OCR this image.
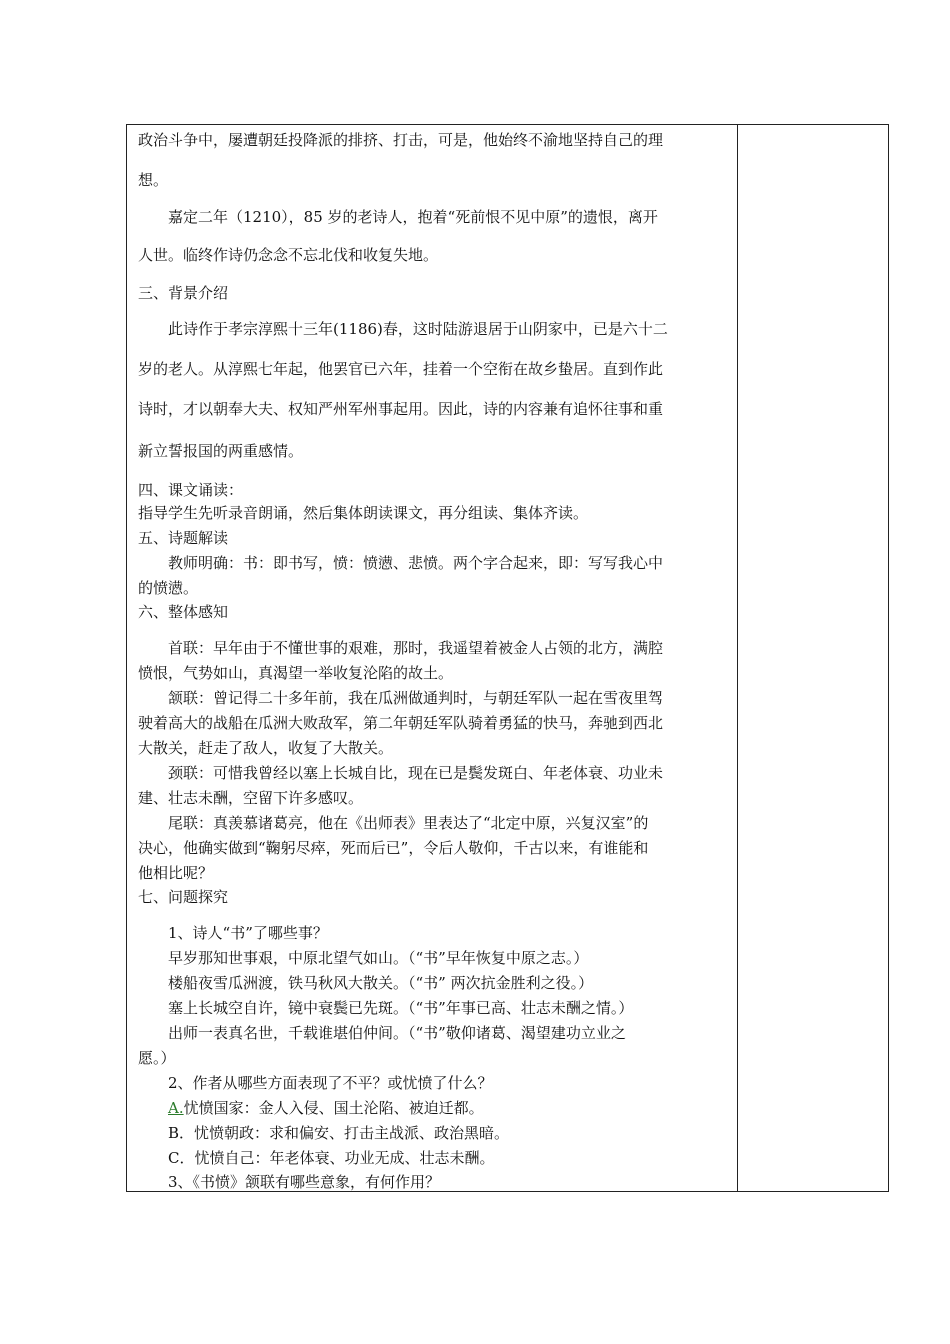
政治斗争中，屡遭朝廷投降派的排挤、打击，可是，他始终不渝地坚持自己的理
想。
嘉定二年（1210），85 岁的老诗人，抱着“死前恨不见中原”的遗恨，离开
人世。临终作诗仍念念不忘北伐和收复失地。
三、背景介绍
此诗作于孝宗淳熙十三年(1186)春，这时陆游退居于山阴家中，已是六十二
岁的老人。从淳熙七年起，他罢官已六年，挂着一个空衔在故乡蛰居。直到作此
诗时，才以朝奉大夫、权知严州军州事起用。因此，诗的内容兼有追怀往事和重
新立誓报国的两重感情。
四、课文诵读：
指导学生先听录音朗诵，然后集体朗读课文，再分组读、集体齐读。
五、诗题解读
教师明确：书：即书写，愤：愤懑、悲愤。两个字合起来，即：写写我心中
的愤懑。
六、整体感知
首联：早年由于不懂世事的艰难，那时，我遥望着被金人占领的北方，满腔
愤恨，气势如山，真渴望一举收复沦陷的故土。
颔联：曾记得二十多年前，我在瓜洲做通判时，与朝廷军队一起在雪夜里驾
驶着高大的战船在瓜洲大败敌军，第二年朝廷军队骑着勇猛的快马，奔驰到西北
大散关，赶走了敌人，收复了大散关。
颈联：可惜我曾经以塞上长城自比，现在已是鬓发斑白、年老体衰、功业未
建、壮志未酬，空留下许多感叹。
尾联：真羡慕诸葛亮，他在《出师表》里表达了“北定中原，兴复汉室”的
决心，他确实做到“鞠躬尽瘁，死而后已”，令后人敬仰，千古以来，有谁能和
他相比呢？
七、问题探究
1、诗人“书”了哪些事？
早岁那知世事艰，中原北望气如山。（“书”早年恢复中原之志。）
楼船夜雪瓜洲渡，铁马秋风大散关。（“书” 两次抗金胜利之役。）
塞上长城空自许，镜中衰鬓已先斑。（“书”年事已高、壮志未酬之情。）
出师一表真名世，千载谁堪伯仲间。（“书”敬仰诸葛、渴望建功立业之
愿。）
2、作者从哪些方面表现了不平？或忧愤了什么？
A.忧愤国家：金人入侵、国土沦陷、被迫迁都。
B．忧愤朝政：求和偏安、打击主战派、政治黑暗。
C．忧愤自己：年老体衰、功业无成、壮志未酬。
3、《书愤》颔联有哪些意象，有何作用？
